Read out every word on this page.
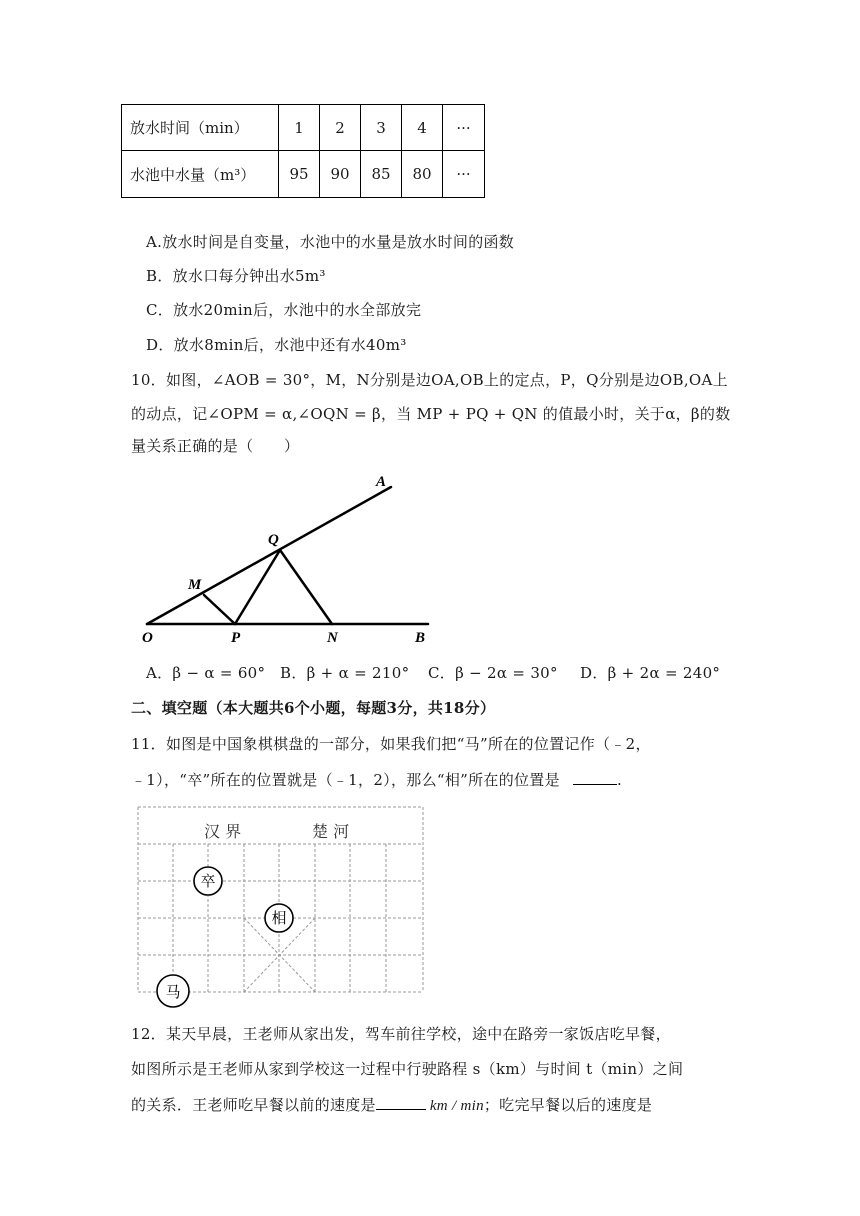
放水时间（min）	1	2	3	4	···
水池中水量（m³）	95	90	85	80	···
A.放水时间是自变量，水池中的水量是放水时间的函数
B．放水口每分钟出水5m³
C．放水20min后，水池中的水全部放完
D．放水8min后，水池中还有水40m³
10．如图，∠AOB = 30°，M，N分别是边OA,OB上的定点，P，Q分别是边OB,OA上
的动点，记∠OPM = α,∠OQN = β，当 MP + PQ + QN 的值最小时，关于α，β的数
量关系正确的是（　　）
A
Q
M
O	P	N	B
A．β − α = 60° B．β + α = 210° C．β − 2α = 30° D．β + 2α = 240°
二、填空题（本大题共6个小题，每题3分，共18分）
11．如图是中国象棋棋盘的一部分，如果我们把“马”所在的位置记作（﹣2，
﹣1），“卒”所在的位置就是（﹣1，2），那么“相”所在的位置是	.
汉 界	楚 河
卒
相
马
12．某天早晨，王老师从家出发，驾车前往学校，途中在路旁一家饭店吃早餐，
如图所示是王老师从家到学校这一过程中行驶路程 s（km）与时间 t（min）之间
的关系．王老师吃早餐以前的速度是	km / min；吃完早餐以后的速度是
